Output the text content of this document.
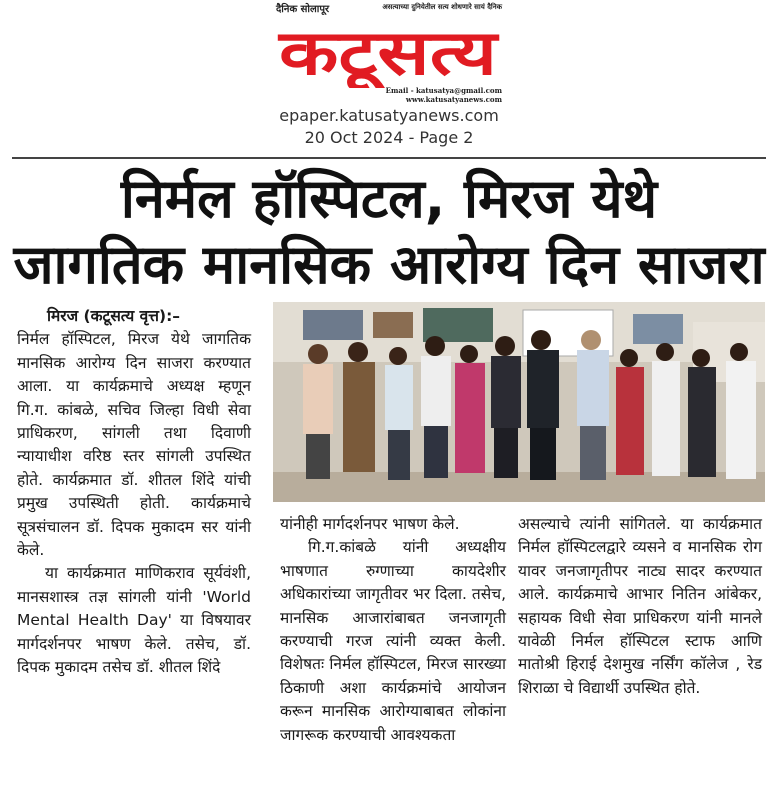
दैनिक सोलापूर	असत्याच्या दुनियेतील सत्य शोधणारे सायं दैनिक
कटूसत्य
Email - katusatya@gmail.com
www.katusatyanews.com
epaper.katusatyanews.com
20 Oct 2024 - Page 2
निर्मल हॉस्पिटल, मिरज येथे
जागतिक मानसिक आरोग्य दिन साजरा

मिरज (कटूसत्य वृत्त):–

निर्मल हॉस्पिटल, मिरज येथे जागतिक मानसिक आरोग्य दिन साजरा करण्यात आला. या कार्यक्रमाचे अध्यक्ष म्हणून गि.ग. कांबळे, सचिव जिल्हा विधी सेवा प्राधिकरण, सांगली तथा दिवाणी न्यायाधीश वरिष्ठ स्तर सांगली उपस्थित होते. कार्यक्रमात डॉ. शीतल शिंदे यांची प्रमुख उपस्थिती होती. कार्यक्रमाचे सूत्रसंचालन डॉ. दिपक मुकादम सर यांनी केले.

या कार्यक्रमात माणिकराव सूर्यवंशी, मानसशास्त्र तज्ञ सांगली यांनी 'World Mental Health Day' या विषयावर मार्गदर्शनपर भाषण केले. तसेच, डॉ. दिपक मुकादम तसेच डॉ. शीतल शिंदे

यांनीही मार्गदर्शनपर भाषण केले.

गि.ग.कांबळे यांनी अध्यक्षीय भाषणात रुग्णाच्या कायदेशीर अधिकारांच्या जागृतीवर भर दिला. तसेच, मानसिक आजारांबाबत जनजागृती करण्याची गरज त्यांनी व्यक्त केली. विशेषतः निर्मल हॉस्पिटल, मिरज सारख्या ठिकाणी अशा कार्यक्रमांचे आयोजन करून मानसिक आरोग्याबाबत लोकांना जागरूक करण्याची आवश्यकता

असल्याचे त्यांनी सांगितले. या कार्यक्रमात निर्मल हॉस्पिटलद्वारे व्यसने व मानसिक रोग यावर जनजागृतीपर नाट्य सादर करण्यात आले. कार्यक्रमाचे आभार नितिन आंबेकर, सहायक विधी सेवा प्राधिकरण यांनी मानले यावेळी निर्मल हॉस्पिटल स्टाफ आणि मातोश्री हिराई देशमुख नर्सिंग कॉलेज , रेड शिराळा चे विद्यार्थी उपस्थित होते.
